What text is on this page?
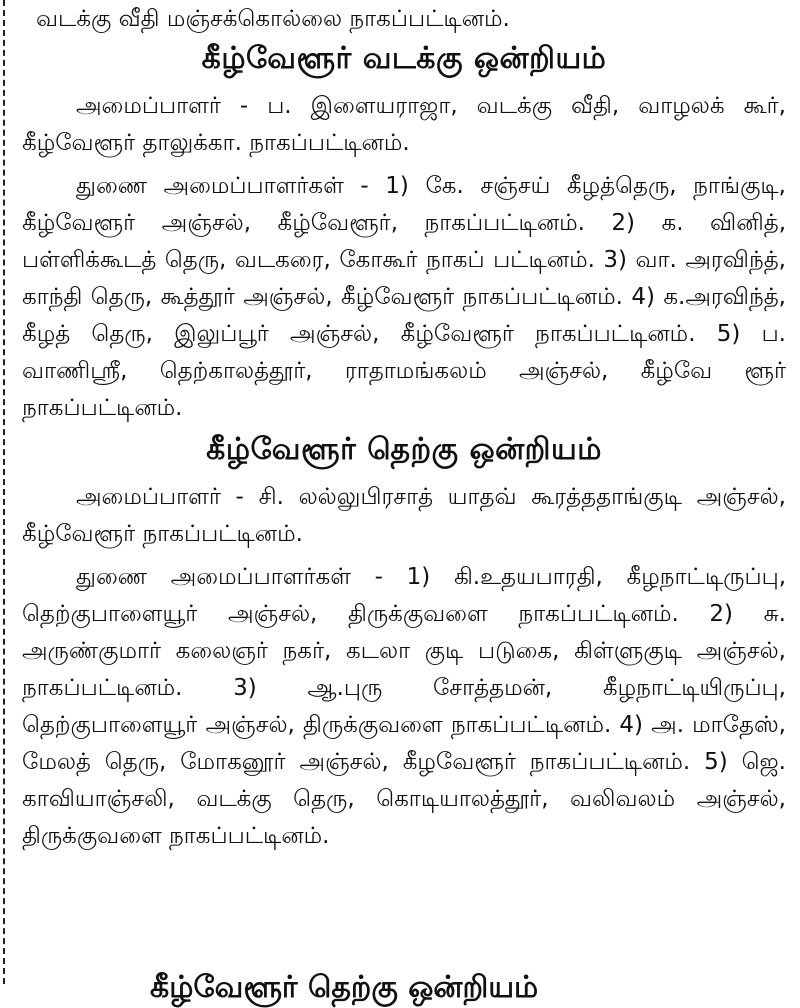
வடக்கு வீதி மஞ்சக்கொல்லை நாகப்பட்டினம்.
கீழ்வேளூர் வடக்கு ஒன்றியம்

அமைப்பாளர் - ப. இளையராஜா, வடக்கு வீதி, வாழலக் கூர், கீழ்வேளூர் தாலுக்கா. நாகப்பட்டினம்.

துணை அமைப்பாளர்கள் - 1) கே. சஞ்சய் கீழத்தெரு, நாங்குடி, கீழ்வேளூர் அஞ்சல், கீழ்வேளூர், நாகப்பட்டினம். 2) க. வினித், பள்ளிக்கூடத் தெரு, வடகரை, கோகூர் நாகப் பட்டினம். 3) வா. அரவிந்த், காந்தி தெரு, கூத்தூர் அஞ்சல், கீழ்வேளூர் நாகப்பட்டினம். 4) க.அரவிந்த், கீழத் தெரு, இலுப்பூர் அஞ்சல், கீழ்வேளூர் நாகப்பட்டினம். 5) ப. வாணிஸ்ரீ, தெற்காலத்தூர், ராதாமங்கலம் அஞ்சல், கீழ்வே ளூர் நாகப்பட்டினம்.

கீழ்வேளூர் தெற்கு ஒன்றியம்

அமைப்பாளர் - சி. லல்லுபிரசாத் யாதவ் கூரத்ததாங்குடி அஞ்சல், கீழ்வேளூர் நாகப்பட்டினம்.

துணை அமைப்பாளர்கள் - 1) கி.உதயபாரதி, கீழநாட்டிருப்பு, தெற்குபாளையூர் அஞ்சல், திருக்குவளை நாகப்பட்டினம். 2) சு. அருண்குமார் கலைஞர் நகர், கடலா குடி படுகை, கிள்ளுகுடி அஞ்சல், நாகப்பட்டினம். 3) ஆ.புரு சோத்தமன், கீழநாட்டியிருப்பு, தெற்குபாளையூர் அஞ்சல், திருக்குவளை நாகப்பட்டினம். 4) அ. மாதேஸ், மேலத் தெரு, மோகனூர் அஞ்சல், கீழவேளூர் நாகப்பட்டினம். 5) ஜெ. காவியாஞ்சலி, வடக்கு தெரு, கொடியாலத்தூர், வலிவலம் அஞ்சல், திருக்குவளை நாகப்பட்டினம்.

கீழ்வேளூர் தெற்கு ஒன்றியம்
